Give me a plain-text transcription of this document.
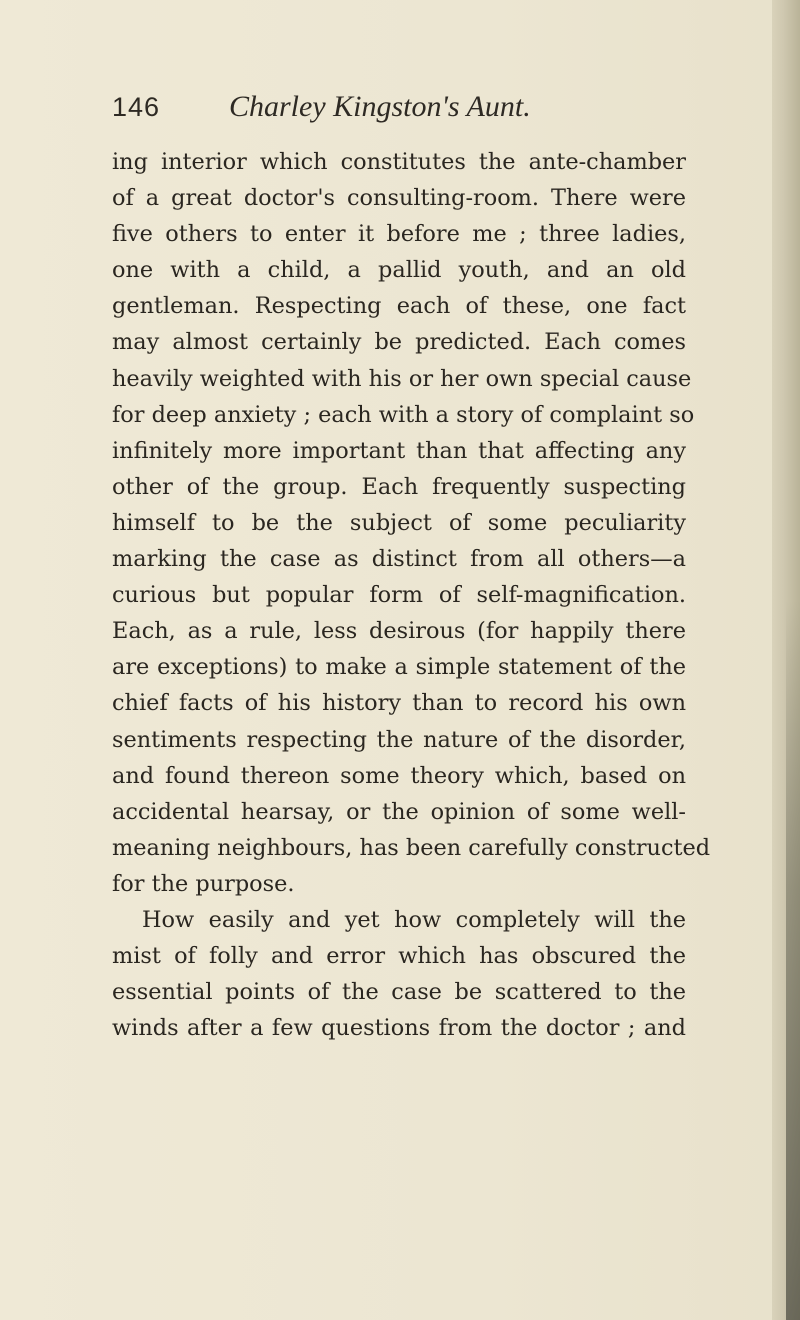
146 Charley Kingston's Aunt.
ing interior which constitutes the ante-chamber
of a great doctor's consulting-room. There were
five others to enter it before me ; three ladies,
one with a child, a pallid youth, and an old
gentleman. Respecting each of these, one fact
may almost certainly be predicted. Each comes
heavily weighted with his or her own special cause
for deep anxiety ; each with a story of complaint so
infinitely more important than that affecting any
other of the group. Each frequently suspecting
himself to be the subject of some peculiarity
marking the case as distinct from all others—a
curious but popular form of self-magnification.
Each, as a rule, less desirous (for happily there
are exceptions) to make a simple statement of the
chief facts of his history than to record his own
sentiments respecting the nature of the disorder,
and found thereon some theory which, based on
accidental hearsay, or the opinion of some well-
meaning neighbours, has been carefully constructed
for the purpose.
How easily and yet how completely will the
mist of folly and error which has obscured the
essential points of the case be scattered to the
winds after a few questions from the doctor ; and
